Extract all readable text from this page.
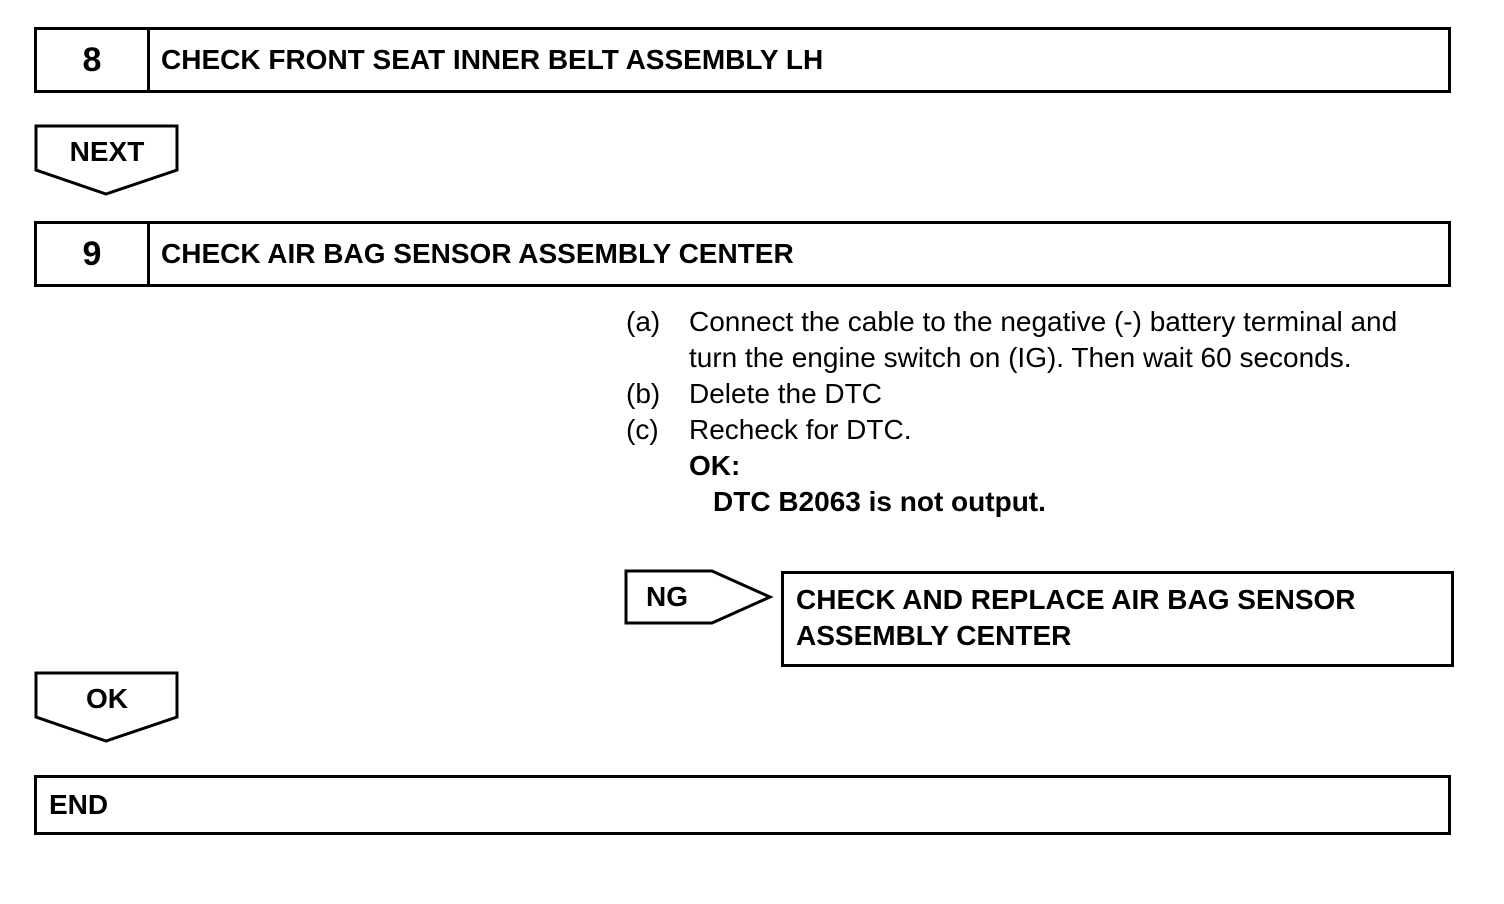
8	CHECK FRONT SEAT INNER BELT ASSEMBLY LH
NEXT
9	CHECK AIR BAG SENSOR ASSEMBLY CENTER
(a)	Connect the cable to the negative (-) battery terminal and turn the engine switch on (IG). Then wait 60 seconds.
(b)	Delete the DTC
(c)	Recheck for DTC.
OK:
DTC B2063 is not output.
NG	CHECK AND REPLACE AIR BAG SENSOR
ASSEMBLY CENTER
OK
END
